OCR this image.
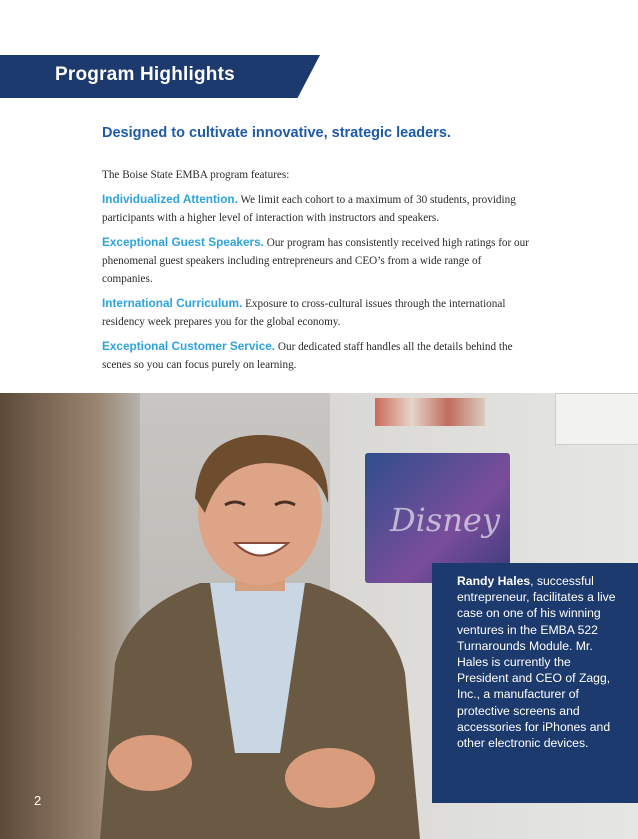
Program Highlights
Designed to cultivate innovative, strategic leaders.

The Boise State EMBA program features:

Individualized Attention. We limit each cohort to a maximum of 30 students, providing participants with a higher level of interaction with instructors and speakers.

Exceptional Guest Speakers. Our program has consistently received high ratings for our phenomenal guest speakers including entrepreneurs and CEO’s from a wide range of companies.

International Curriculum. Exposure to cross-cultural issues through the international residency week prepares you for the global economy.

Exceptional Customer Service. Our dedicated staff handles all the details behind the scenes so you can focus purely on learning.

Disney
Randy Hales, successful entrepreneur, facilitates a live case on one of his winning ventures in the EMBA 522 Turnarounds Module. Mr. Hales is currently the President and CEO of Zagg, Inc., a manufacturer of protective screens and accessories for iPhones and other electronic devices.
2
